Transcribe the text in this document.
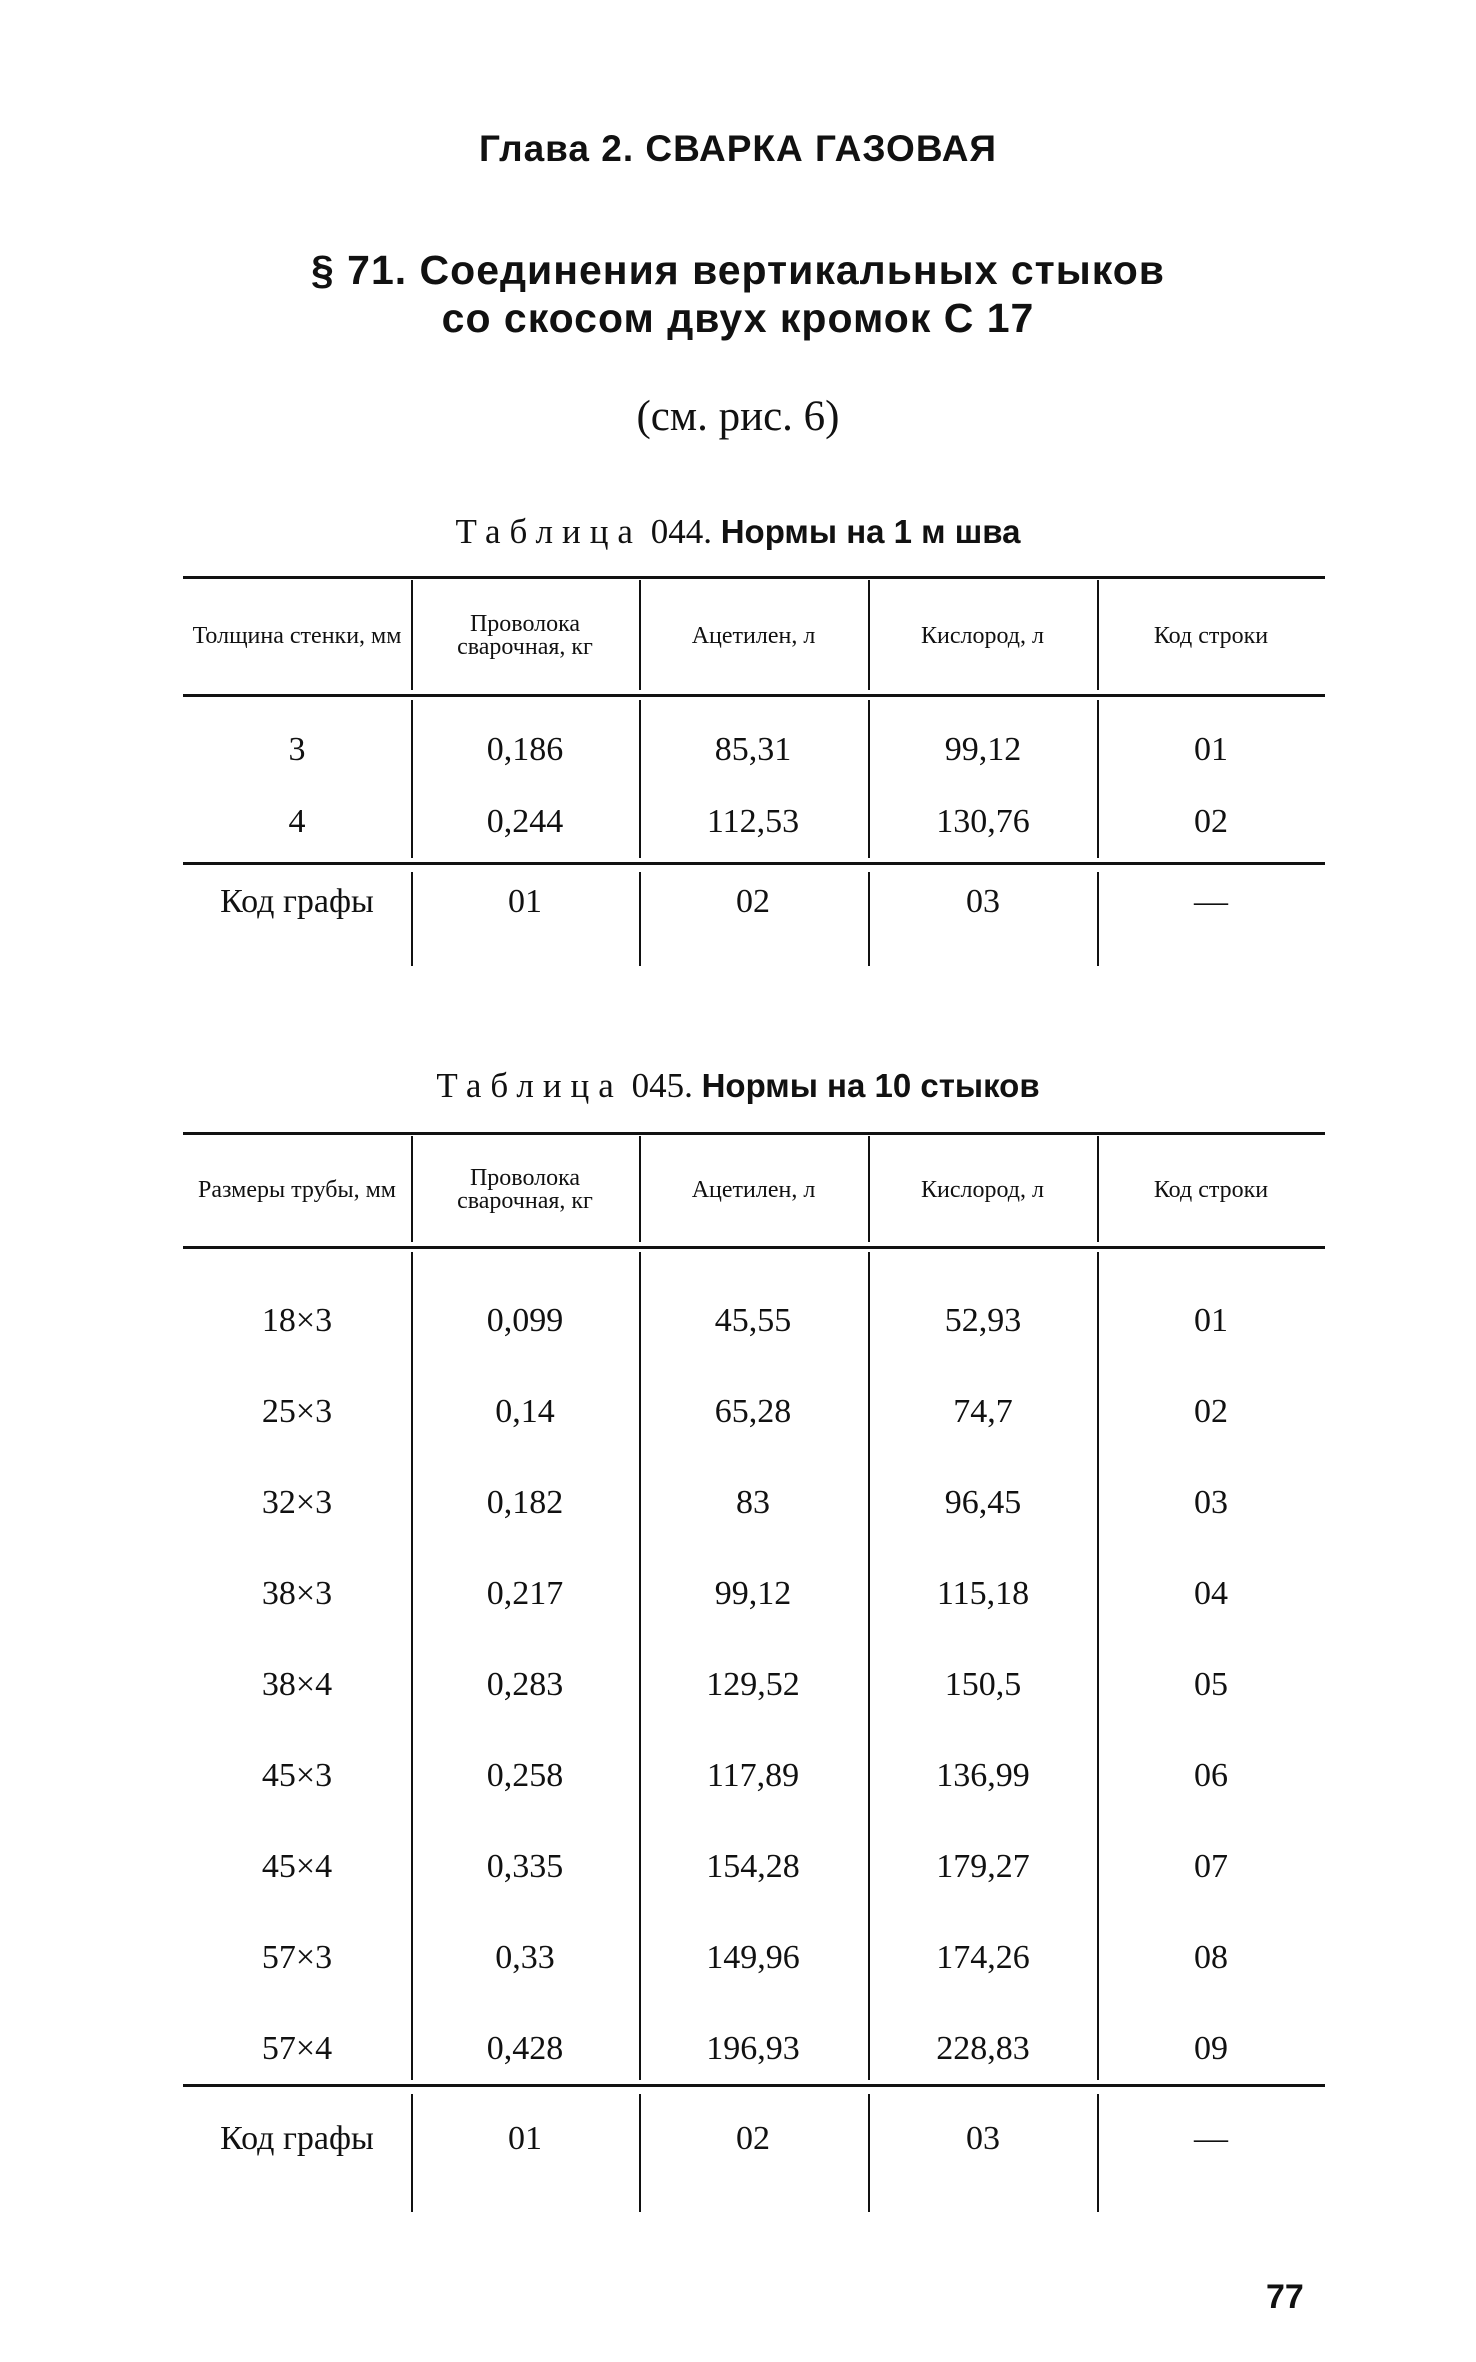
Глава 2. СВАРКА ГАЗОВАЯ
§ 71. Соединения вертикальных стыков
со скосом двух кромок С 17
(см. рис. 6)
Таблица 044. Нормы на 1 м шва
Толщина стенки, мм	Проволока сварочная, кг	Ацетилен, л	Кислород, л	Код строки
3	0,186	85,31	99,12	01
4	0,244	112,53	130,76	02
Код графы	01	02	03	—
Таблица 045. Нормы на 10 стыков
Размеры трубы, мм	Проволока сварочная, кг	Ацетилен, л	Кислород, л	Код строки
18×3	0,099	45,55	52,93	01
25×3	0,14	65,28	74,7	02
32×3	0,182	83	96,45	03
38×3	0,217	99,12	115,18	04
38×4	0,283	129,52	150,5	05
45×3	0,258	117,89	136,99	06
45×4	0,335	154,28	179,27	07
57×3	0,33	149,96	174,26	08
57×4	0,428	196,93	228,83	09
Код графы	01	02	03	—
77
